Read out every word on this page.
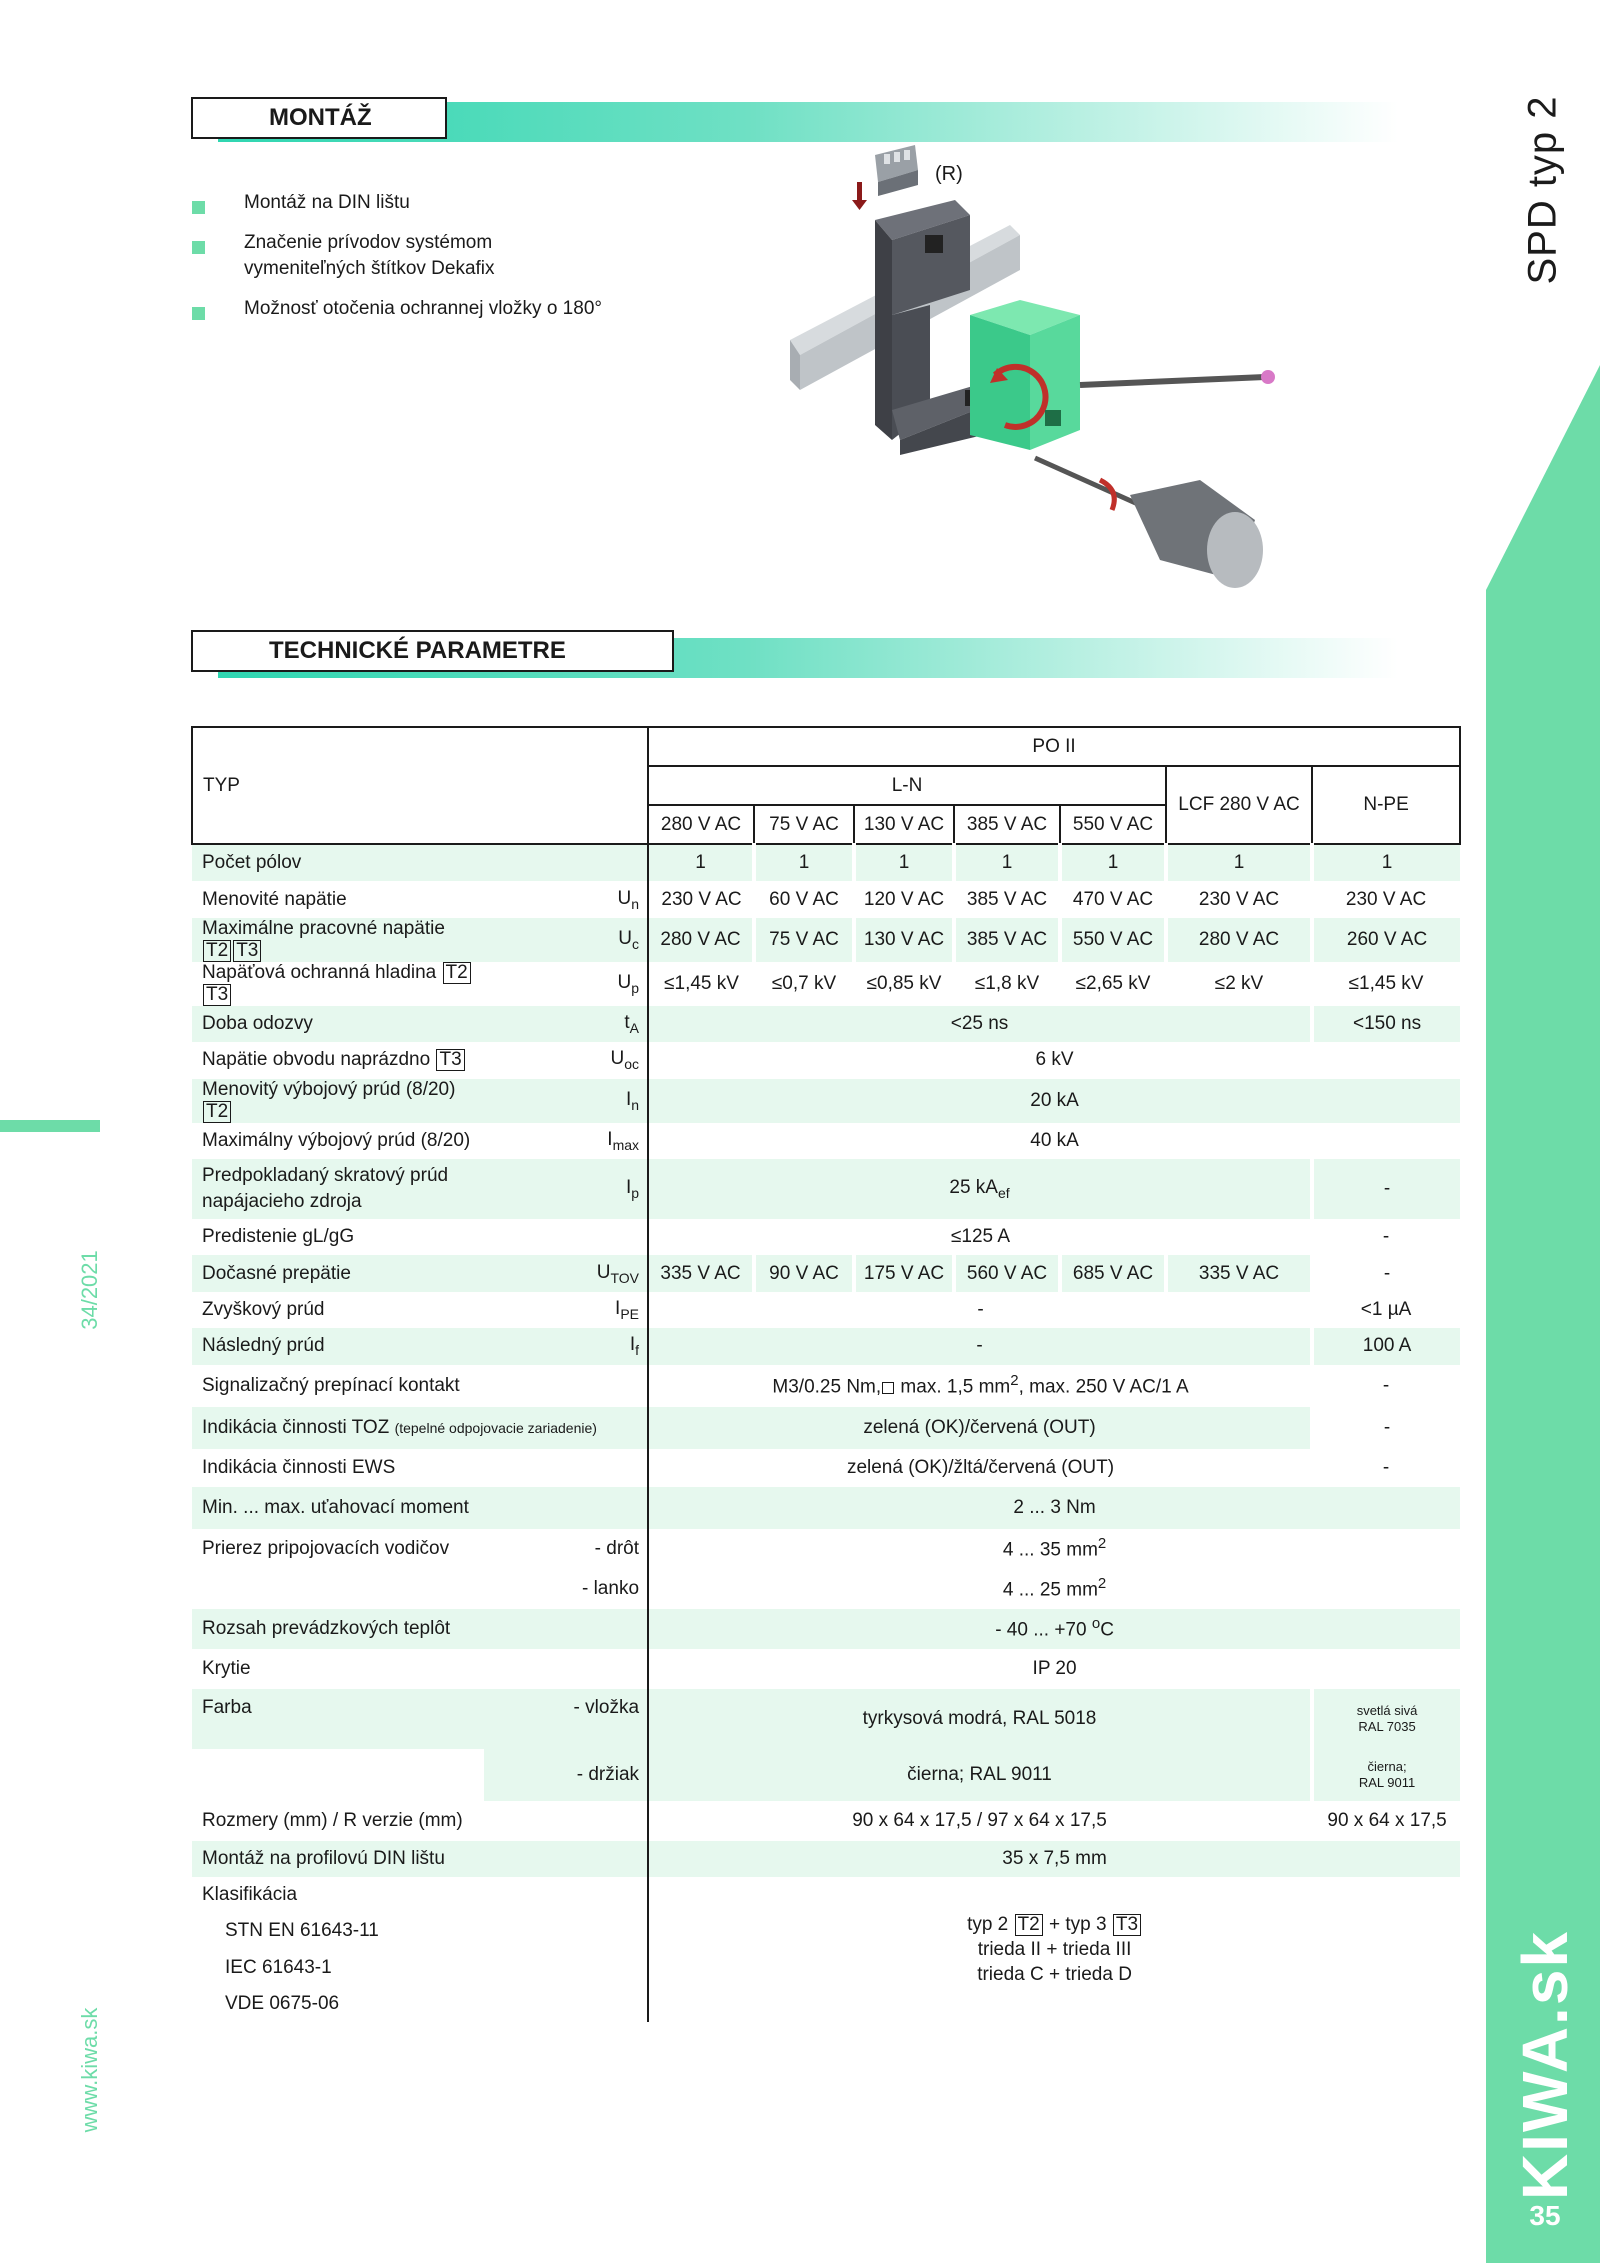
SPD typ 2
KIWA.sk
35
34/2021
www.kiwa.sk
MONTÁŽ
Montáž na DIN lištu
Značenie prívodov systémom
vymeniteľných štítkov Dekafix
Možnosť otočenia ochrannej vložky o 180°
(R)
TECHNICKÉ PARAMETRE
TYP		PO II						
		L-N					LCF 280 V AC	N-PE
		280 V AC	75 V AC	130 V AC	385 V AC	550 V AC		
Počet pólov		1	1	1	1	1	1	1
Menovité napätie	$U_n$	230 V AC	60 V AC	120 V AC	385 V AC	470 V AC	230 V AC	230 V AC
Maximálne pracovné napätie T2 T3	$U_c$	280 V AC	75 V AC	130 V AC	385 V AC	550 V AC	280 V AC	260 V AC
Napäťová ochranná hladina T2T3	$U_p$	≤1,45 kV	≤0,7 kV	≤0,85 kV	≤1,8 kV	≤2,65 kV	≤2 kV	≤1,45 kV
Doba odozvy	$t_A$	<25 ns						<150 ns
Napätie obvodu naprázdno T3	$U_{oc}$	6 kV						
Menovitý výbojový prúd (8/20)  T2	$I_n$	20 kA						
Maximálny výbojový prúd (8/20)	$I_{max}$	40 kA						
Predpokladaný skratový prúd
napájacieho zdroja	$I_p$	25 $kA_{ef}$						-
Predistenie gL/gG		≤125 A						-
Dočasné prepätie	$U_{TOV}$	335 V AC	90 V AC	175 V AC	560 V AC	685 V AC	335 V AC	-
Zvyškový prúd	$I_{PE}$	-						<1 µA
Následný prúd	$I_f$	-						100 A
Signalizačný prepínací kontakt		M3/0.25 Nm, max. 1,5 $mm^2$, max. 250 V AC/1 A						-
Indikácia činnosti TOZ (tepelné odpojovacie zariadenie)		zelená (OK)/červená (OUT)						-
Indikácia činnosti EWS		zelená (OK)/žltá/červená (OUT)						-
Min. ... max. uťahovací moment		2 ... 3 Nm						
Prierez pripojovacích vodičov	- drôt	4 ... 35 $mm^2$
	- lanko	4 ... 25 $mm^2$
Rozsah prevádzkových teplôt		- 40 ... +70 $^o$C						
Krytie		IP 20						
Farba	- vložka	tyrkysová modrá, RAL 5018						svetlá sivá
RAL 7035
	- držiak	čierna; RAL 9011						čierna;
RAL 9011
Rozmery (mm) / R verzie (mm)		90 x 64 x 17,5 / 97 x 64 x 17,5						90 x 64 x 17,5
Montáž na profilovú DIN lištu		35 x 7,5 mm						
Klasifikácia		typ 2 T2 + typ 3 T3
trieda II + trieda III
trieda C + trieda D						
STN EN 61643-11								
IEC 61643-1								
VDE 0675-06								
